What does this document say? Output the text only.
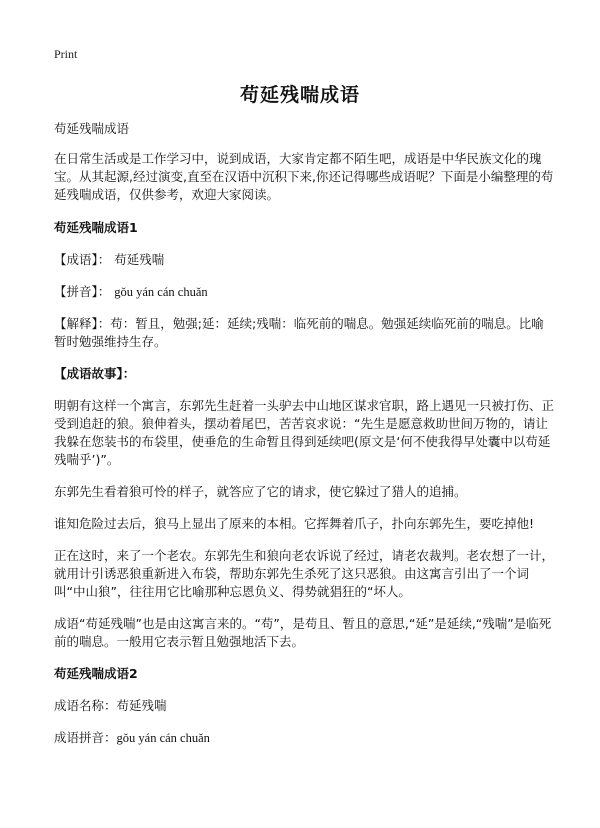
Print
苟延残喘成语

苟延残喘成语

在日常生活或是工作学习中，说到成语，大家肯定都不陌生吧，成语是中华民族文化的瑰宝。从其起源,经过演变,直至在汉语中沉积下来,你还记得哪些成语呢？下面是小编整理的苟延残喘成语，仅供参考，欢迎大家阅读。

苟延残喘成语1

【成语】： 苟延残喘

【拼音】： gǒu yán cán chuǎn

【解释】：苟：暂且，勉强;延：延续;残喘：临死前的喘息。勉强延续临死前的喘息。比喻暂时勉强维持生存。

【成语故事】：

明朝有这样一个寓言，东郭先生赶着一头驴去中山地区谋求官职，路上遇见一只被打伤、正受到追赶的狼。狼伸着头，摆动着尾巴，苦苦哀求说：“先生是愿意救助世间万物的，请让我躲在您装书的布袋里，使垂危的生命暂且得到延续吧(原文是‘何不使我得早处囊中以苟延残喘乎’)”。

东郭先生看着狼可怜的样子，就答应了它的请求，使它躲过了猎人的追捕。

谁知危险过去后，狼马上显出了原来的本相。它挥舞着爪子，扑向东郭先生，要吃掉他!

正在这时，来了一个老农。东郭先生和狼向老农诉说了经过，请老农裁判。老农想了一计，就用计引诱恶狼重新进入布袋，帮助东郭先生杀死了这只恶狼。由这寓言引出了一个词叫“中山狼”，往往用它比喻那种忘恩负义、得势就猖狂的“坏人。

成语“苟延残喘”也是由这寓言来的。“苟”，是苟且、暂且的意思,“延”是延续,“残喘”是临死前的喘息。一般用它表示暂且勉强地活下去。

苟延残喘成语2

成语名称：苟延残喘

成语拼音：gǒu yán cán chuǎn
